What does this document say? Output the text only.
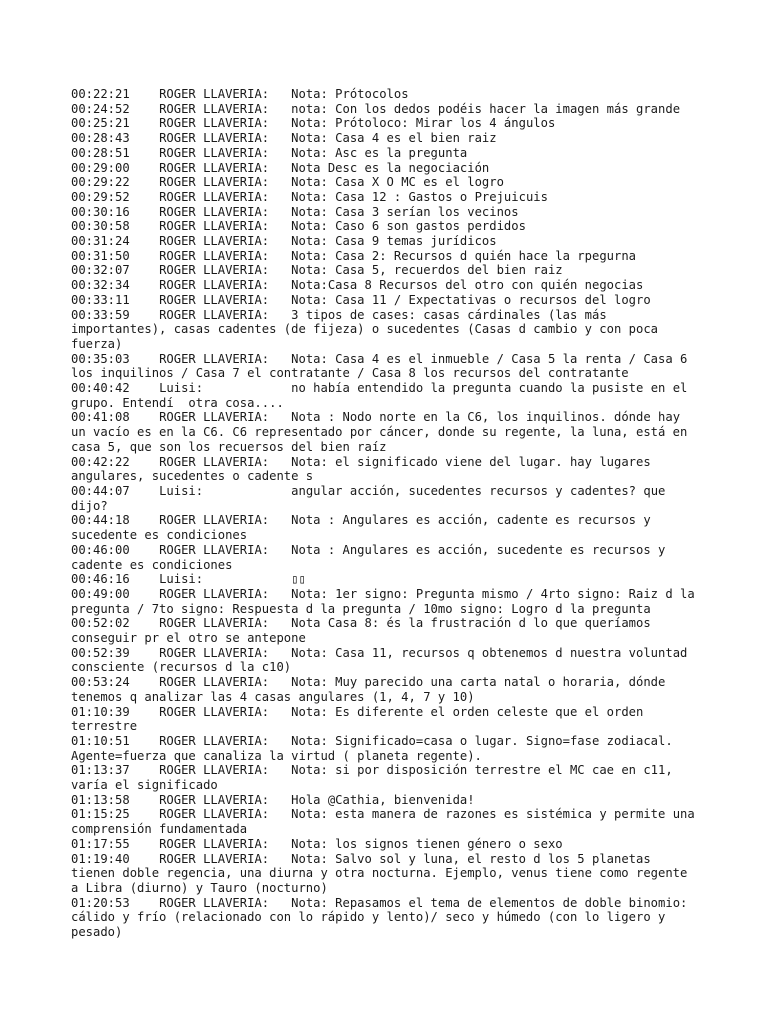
00:22:21 ROGER LLAVERIA: Nota: Prótocolos
00:24:52 ROGER LLAVERIA: nota: Con los dedos podéis hacer la imagen más grande
00:25:21 ROGER LLAVERIA: Nota: Prótoloco: Mirar los 4 ángulos
00:28:43 ROGER LLAVERIA: Nota: Casa 4 es el bien raiz
00:28:51 ROGER LLAVERIA: Nota: Asc es la pregunta
00:29:00 ROGER LLAVERIA: Nota Desc es la negociación
00:29:22 ROGER LLAVERIA: Nota: Casa X O MC es el logro
00:29:52 ROGER LLAVERIA: Nota: Casa 12 : Gastos o Prejuicuis
00:30:16 ROGER LLAVERIA: Nota: Casa 3 serían los vecinos
00:30:58 ROGER LLAVERIA: Nota: Caso 6 son gastos perdidos
00:31:24 ROGER LLAVERIA: Nota: Casa 9 temas jurídicos
00:31:50 ROGER LLAVERIA: Nota: Casa 2: Recursos d quién hace la rpegurna
00:32:07 ROGER LLAVERIA: Nota: Casa 5, recuerdos del bien raiz
00:32:34 ROGER LLAVERIA: Nota:Casa 8 Recursos del otro con quién negocias
00:33:11 ROGER LLAVERIA: Nota: Casa 11 / Expectativas o recursos del logro
00:33:59 ROGER LLAVERIA: 3 tipos de cases: casas cárdinales (las más importantes), casas cadentes (de fijeza) o sucedentes (Casas d cambio y con poca fuerza)
00:35:03 ROGER LLAVERIA: Nota: Casa 4 es el inmueble / Casa 5 la renta / Casa 6 los inquilinos / Casa 7 el contratante / Casa 8 los recursos del contratante
00:40:42 Luisi:	no había entendido la pregunta cuando la pusiste en el grupo. Entendí  otra cosa....
00:41:08 ROGER LLAVERIA: Nota : Nodo norte en la C6, los inquilinos. dónde hay un vacío es en la C6. C6 representado por cáncer, donde su regente, la luna, está en casa 5, que son los recuersos del bien raíz
00:42:22 ROGER LLAVERIA: Nota: el significado viene del lugar. hay lugares angulares, sucedentes o cadente s
00:44:07 Luisi:	angular acción, sucedentes recursos y cadentes? que dijo?
00:44:18 ROGER LLAVERIA: Nota : Angulares es acción, cadente es recursos y sucedente es condiciones
00:46:00 ROGER LLAVERIA: Nota : Angulares es acción, sucedente es recursos y cadente es condiciones
00:46:16 Luisi:	▯▯
00:49:00 ROGER LLAVERIA: Nota: 1er signo: Pregunta mismo / 4rto signo: Raiz d la pregunta / 7to signo: Respuesta d la pregunta / 10mo signo: Logro d la pregunta
00:52:02 ROGER LLAVERIA: Nota Casa 8: és la frustración d lo que queríamos conseguir pr el otro se antepone
00:52:39 ROGER LLAVERIA: Nota: Casa 11, recursos q obtenemos d nuestra voluntad consciente (recursos d la c10)
00:53:24 ROGER LLAVERIA: Nota: Muy parecido una carta natal o horaria, dónde tenemos q analizar las 4 casas angulares (1, 4, 7 y 10)
01:10:39 ROGER LLAVERIA: Nota: Es diferente el orden celeste que el orden terrestre
01:10:51 ROGER LLAVERIA: Nota: Significado=casa o lugar. Signo=fase zodiacal. Agente=fuerza que canaliza la virtud ( planeta regente).
01:13:37 ROGER LLAVERIA: Nota: si por disposición terrestre el MC cae en c11, varía el significado
01:13:58 ROGER LLAVERIA: Hola @Cathia, bienvenida!
01:15:25 ROGER LLAVERIA: Nota: esta manera de razones es sistémica y permite una comprensión fundamentada
01:17:55 ROGER LLAVERIA: Nota: los signos tienen género o sexo
01:19:40 ROGER LLAVERIA: Nota: Salvo sol y luna, el resto d los 5 planetas tienen doble regencia, una diurna y otra nocturna. Ejemplo, venus tiene como regente a Libra (diurno) y Tauro (nocturno)
01:20:53 ROGER LLAVERIA: Nota: Repasamos el tema de elementos de doble binomio: cálido y frío (relacionado con lo rápido y lento)/ seco y húmedo (con lo ligero y pesado)
